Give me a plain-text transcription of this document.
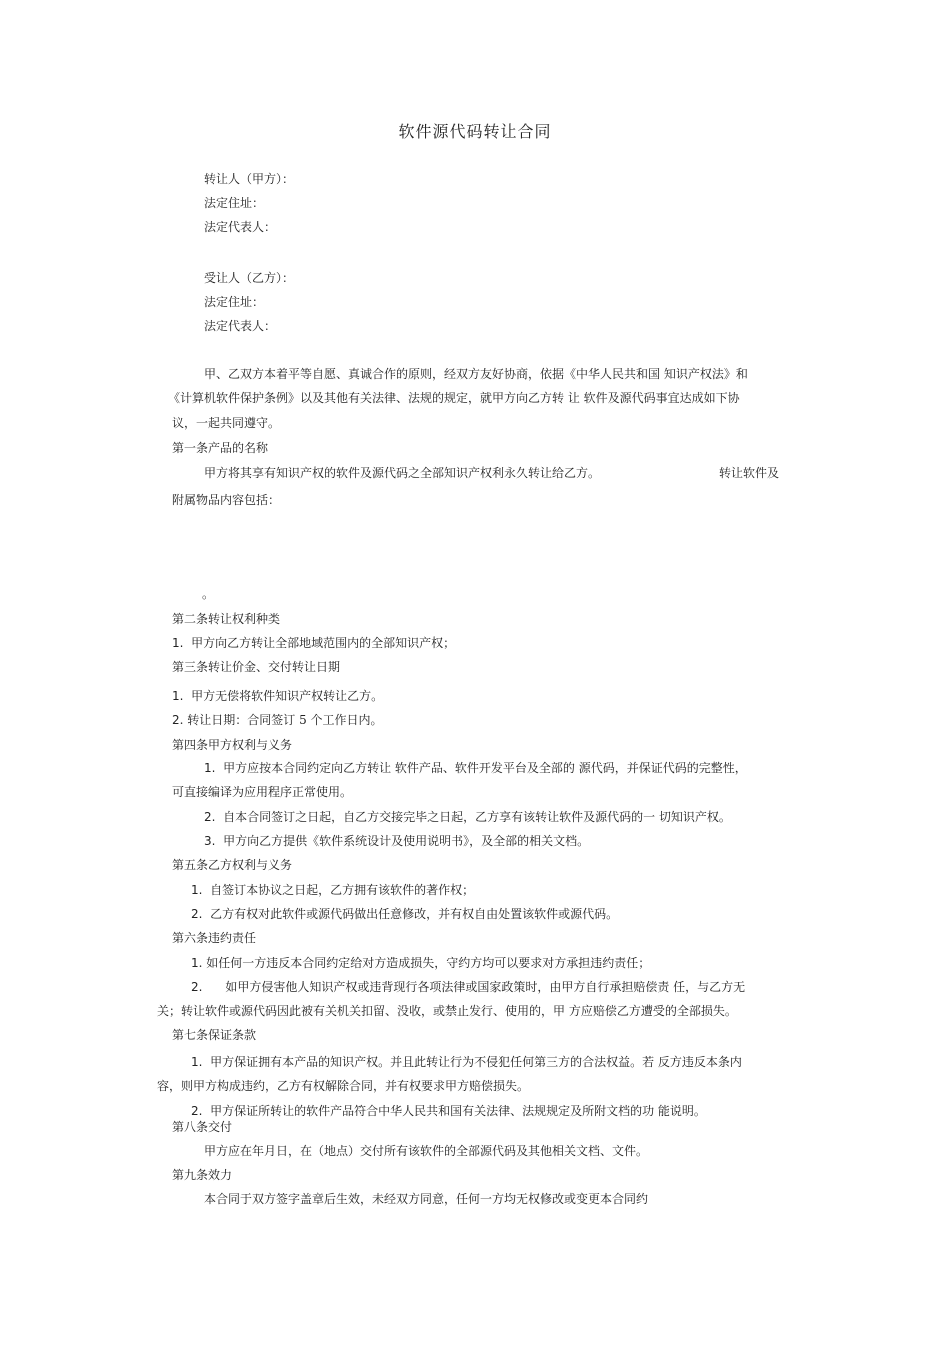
软件源代码转让合同
转让人（甲方）：
法定住址：
法定代表人：
受让人（乙方）：
法定住址：
法定代表人：
甲、乙双方本着平等自愿、真诚合作的原则，经双方友好协商，依据《中华人民共和国 知识产权法》和
《计算机软件保护条例》以及其他有关法律、法规的规定，就甲方向乙方转 让 软件及源代码事宜达成如下协
议，一起共同遵守。
第一条产品的名称
甲方将其享有知识产权的软件及源代码之全部知识产权利永久转让给乙方。	转让软件及
附属物品内容包括：
。
第二条转让权利种类
1. 甲方向乙方转让全部地域范围内的全部知识产权；
第三条转让价金、交付转让日期
1. 甲方无偿将软件知识产权转让乙方。
2. 转让日期：合同签订 5 个工作日内。
第四条甲方权利与义务
1. 甲方应按本合同约定向乙方转让 软件产品、软件开发平台及全部的 源代码，并保证代码的完整性，
可直接编译为应用程序正常使用。
2. 自本合同签订之日起，自乙方交接完毕之日起，乙方享有该转让软件及源代码的一 切知识产权。
3. 甲方向乙方提供《软件系统设计及使用说明书》，及全部的相关文档。
第五条乙方权利与义务
1. 自签订本协议之日起，乙方拥有该软件的著作权；
2. 乙方有权对此软件或源代码做出任意修改，并有权自由处置该软件或源代码。
第六条违约责任
1. 如任何一方违反本合同约定给对方造成损失，守约方均可以要求对方承担违约责任；
2. 如甲方侵害他人知识产权或违背现行各项法律或国家政策时，由甲方自行承担赔偿责 任，与乙方无
关；转让软件或源代码因此被有关机关扣留、没收，或禁止发行、使用的，甲 方应赔偿乙方遭受的全部损失。
第七条保证条款
1. 甲方保证拥有本产品的知识产权。并且此转让行为不侵犯任何第三方的合法权益。若 反方违反本条内
容，则甲方构成违约，乙方有权解除合同，并有权要求甲方赔偿损失。
2. 甲方保证所转让的软件产品符合中华人民共和国有关法律、法规规定及所附文档的功 能说明。
第八条交付
甲方应在年月日，在（地点）交付所有该软件的全部源代码及其他相关文档、文件。
第九条效力
本合同于双方签字盖章后生效，未经双方同意，任何一方均无权修改或变更本合同约
